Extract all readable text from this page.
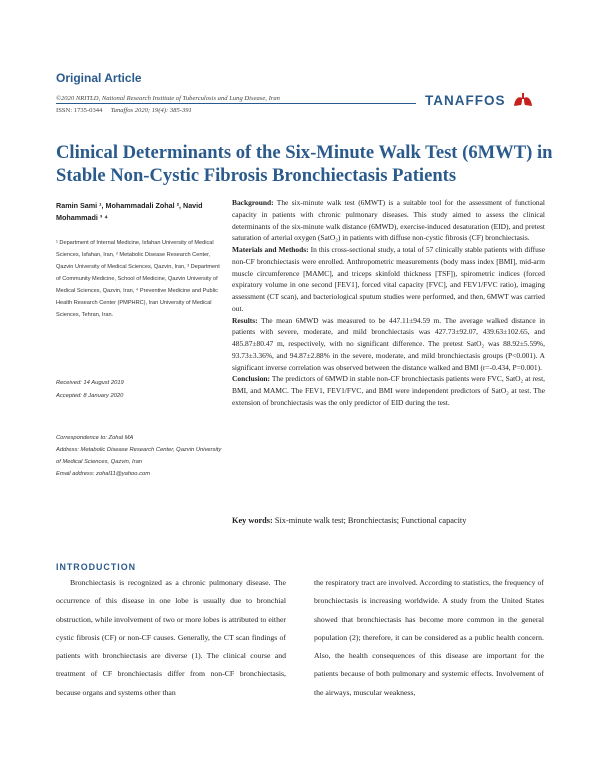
Original Article
©2020 NRITLD, National Research Institute of Tuberculosis and Lung Disease, Iran
ISSN: 1735-0344 Tanaffos 2020; 19(4): 385-391
TANAFFOS
Clinical Determinants of the Six-Minute Walk Test (6MWT) in Stable Non-Cystic Fibrosis Bronchiectasis Patients
Ramin Sami ¹, Mohammadali Zohal ², Navid
Mohammadi ³ ⁴
¹ Department of Internal Medicine, Isfahan University of Medical Sciences, Isfahan, Iran, ² Metabolic Disease Research Center, Qazvin University of Medical Sciences, Qazvin, Iran, ³ Department of Community Medicine, School of Medicine, Qazvin University of Medical Sciences, Qazvin, Iran, ⁴ Preventive Medicine and Public Health Research Center (PMPHRC), Iran University of Medical Sciences, Tehran, Iran.
Received: 14 August 2019
Accepted: 8 January 2020
Correspondence to: Zohal MA
Address: Metabolic Disease Research Center, Qazvin University of Medical Sciences, Qazvin, Iran
Email address: zohal11@yahoo.com

Background: The six-minute walk test (6MWT) is a suitable tool for the assessment of functional capacity in patients with chronic pulmonary diseases. This study aimed to assess the clinical determinants of the six-minute walk distance (6MWD), exercise-induced desaturation (EID), and pretest saturation of arterial oxygen (SatO₂) in patients with diffuse non-cystic fibrosis (CF) bronchiectasis.

Materials and Methods: In this cross-sectional study, a total of 57 clinically stable patients with diffuse non-CF bronchiectasis were enrolled. Anthropometric measurements (body mass index [BMI], mid-arm muscle circumference [MAMC], and triceps skinfold thickness [TSF]), spirometric indices (forced expiratory volume in one second [FEV1], forced vital capacity [FVC], and FEV1/FVC ratio), imaging assessment (CT scan), and bacteriological sputum studies were performed, and then, 6MWT was carried out.

Results: The mean 6MWD was measured to be 447.11±94.59 m. The average walked distance in patients with severe, moderate, and mild bronchiectasis was 427.73±92.07, 439.63±102.65, and 485.87±80.47 m, respectively, with no significant difference. The pretest SatO₂ was 88.92±5.59%, 93.73±3.36%, and 94.87±2.88% in the severe, moderate, and mild bronchiectasis groups (P<0.001). A significant inverse correlation was observed between the distance walked and BMI (r=-0.434, P=0.001).

Conclusion: The predictors of 6MWD in stable non-CF bronchiectasis patients were FVC, SatO₂ at rest, BMI, and MAMC. The FEV1, FEV1/FVC, and BMI were independent predictors of SatO₂ at test. The extension of bronchiectasis was the only predictor of EID during the test.

Key words: Six-minute walk test; Bronchiectasis; Functional capacity
INTRODUCTION
Bronchiectasis is recognized as a chronic pulmonary disease. The occurrence of this disease in one lobe is usually due to bronchial obstruction, while involvement of two or more lobes is attributed to either cystic fibrosis (CF) or non-CF causes. Generally, the CT scan findings of patients with bronchiectasis are diverse (1). The clinical course and treatment of CF bronchiectasis differ from non-CF bronchiectasis, because organs and systems other than
the respiratory tract are involved. According to statistics, the frequency of bronchiectasis is increasing worldwide. A study from the United States showed that bronchiectasis has become more common in the general population (2); therefore, it can be considered as a public health concern. Also, the health consequences of this disease are important for the patients because of both pulmonary and systemic effects. Involvement of the airways, muscular weakness,
